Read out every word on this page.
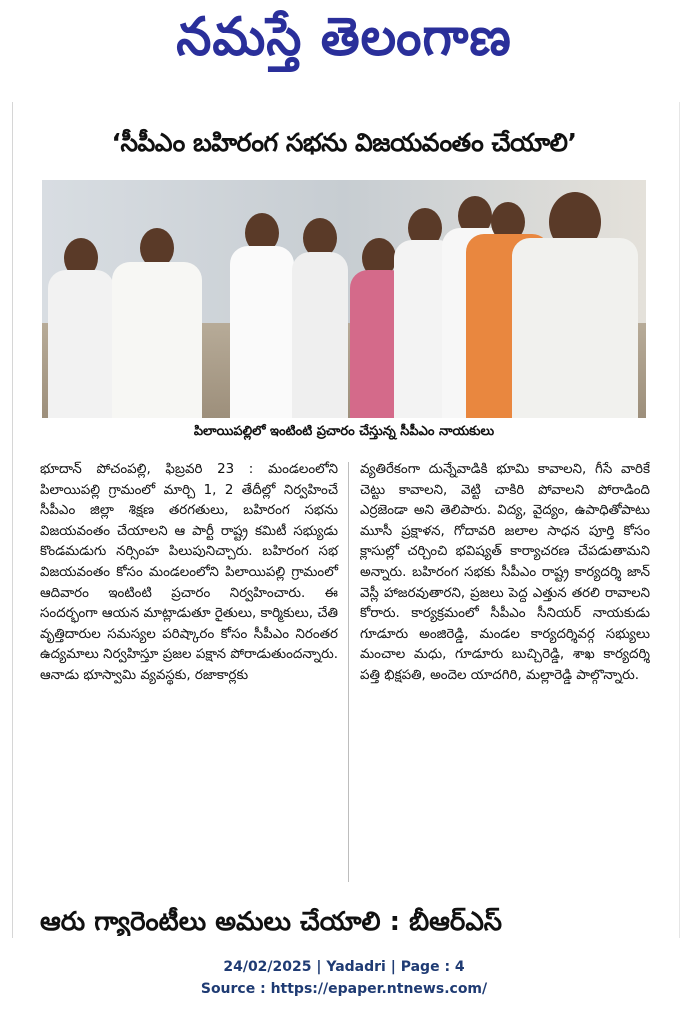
నమస్తే తెలంగాణ
‘సీపీఎం బహిరంగ సభను విజయవంతం చేయాలి’
పిలాయిపల్లిలో ఇంటింటి ప్రచారం చేస్తున్న సీపీఎం నాయకులు

భూదాన్ పోచంపల్లి, ఫిబ్రవరి 23 : మండలంలోని పిలాయిపల్లి గ్రామంలో మార్చి 1, 2 తేదీల్లో నిర్వహించే సీపీఎం జిల్లా శిక్షణ తరగతులు, బహిరంగ సభను విజయవంతం చేయాలని ఆ పార్టీ రాష్ట్ర కమిటీ సభ్యుడు కొండమడుగు నర్సింహ పిలుపునిచ్చారు. బహిరంగ సభ విజయవంతం కోసం మండలంలోని పిలాయిపల్లి గ్రామంలో ఆదివారం ఇంటింటి ప్రచారం నిర్వహించారు. ఈ సందర్భంగా ఆయన మాట్లాడుతూ రైతులు, కార్మికులు, చేతి వృత్తిదారుల సమస్యల పరిష్కారం కోసం సీపీఎం నిరంతర ఉద్యమాలు నిర్వహిస్తూ ప్రజల పక్షాన పోరాడుతుందన్నారు. ఆనాడు భూస్వామి వ్యవస్థకు, రజాకార్లకు

వ్యతిరేకంగా దున్నేవాడికి భూమి కావాలని, గీసే వారికే చెట్టు కావాలని, వెట్టి చాకిరి పోవాలని పోరాడింది ఎర్రజెండా అని తెలిపారు. విద్య, వైద్యం, ఉపాధితోపాటు మూసీ ప్రక్షాళన, గోదావరి జలాల సాధన పూర్తి కోసం క్లాసుల్లో చర్చించి భవిష్యత్ కార్యాచరణ చేపడుతామని అన్నారు. బహిరంగ సభకు సీపీఎం రాష్ట్ర కార్యదర్శి జాన్ వెస్లీ హాజరవుతారని, ప్రజలు పెద్ద ఎత్తున తరలి రావాలని కోరారు. కార్యక్రమంలో సీపీఎం సీనియర్ నాయకుడు గూడూరు అంజిరెడ్డి, మండల కార్యదర్శివర్గ సభ్యులు మంచాల మధు, గూడూరు బుచ్చిరెడ్డి, శాఖ కార్యదర్శి పత్తి భిక్షపతి, అందెల యాదగిరి, మల్లారెడ్డి పాల్గొన్నారు.

ఆరు గ్యారెంటీలు అమలు చేయాలి : బీఆర్ఎస్
24/02/2025 | Yadadri | Page : 4
Source : https://epaper.ntnews.com/
